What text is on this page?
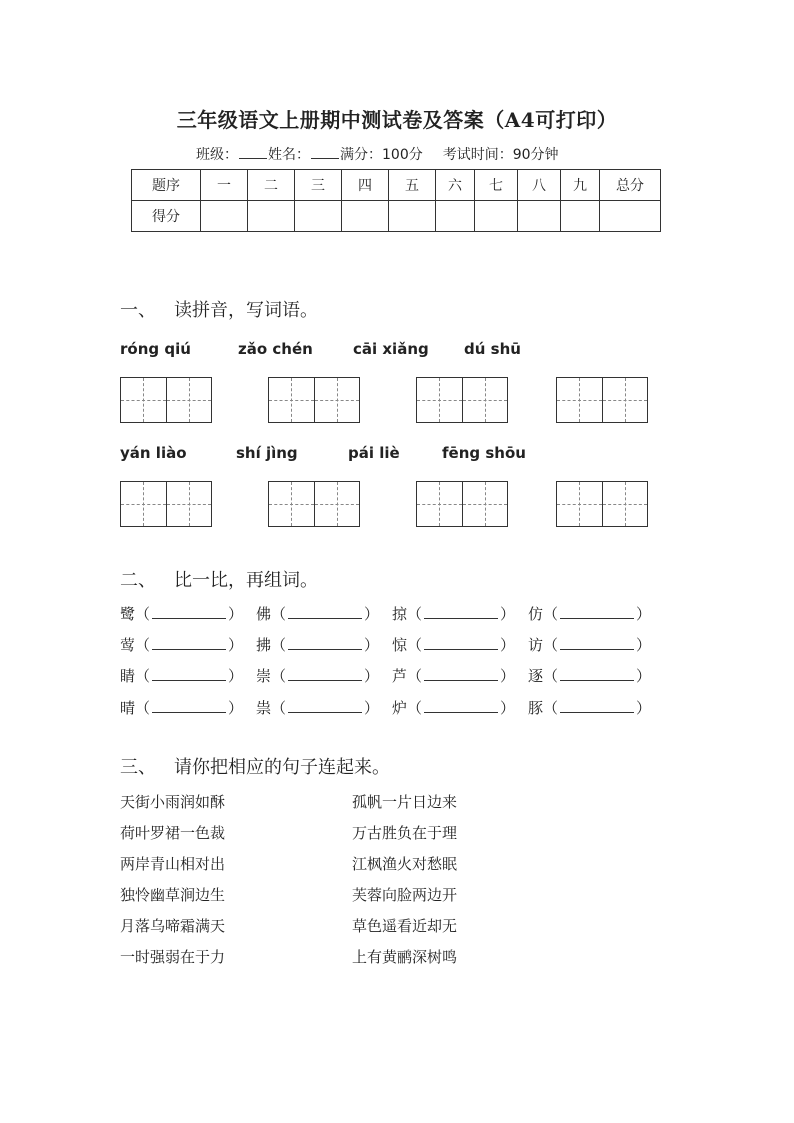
三年级语文上册期中测试卷及答案（A4可打印）
班级： 姓名： 满分：100分 考试时间：90分钟
题序	一	二	三	四	五	六	七	八	九	总分
得分										
一、 读拼音，写词语。
róng qiú	zǎo chén	cāi xiǎng dú shū
yán liào	shí jìng	pái liè	fēng shōu
二、 比一比，再组词。
鹭（	） 佛（	） 掠（	） 仿（	）
莺（	） 拂（	） 惊（	） 访（	）
睛（	） 崇（	） 芦（	） 逐（	）
晴（	） 祟（	） 炉（	） 豚（	）
三、 请你把相应的句子连起来。
天街小雨润如酥
荷叶罗裙一色裁
两岸青山相对出
独怜幽草涧边生
月落乌啼霜满天
一时强弱在于力
孤帆一片日边来
万古胜负在于理
江枫渔火对愁眠
芙蓉向脸两边开
草色遥看近却无
上有黄鹂深树鸣
